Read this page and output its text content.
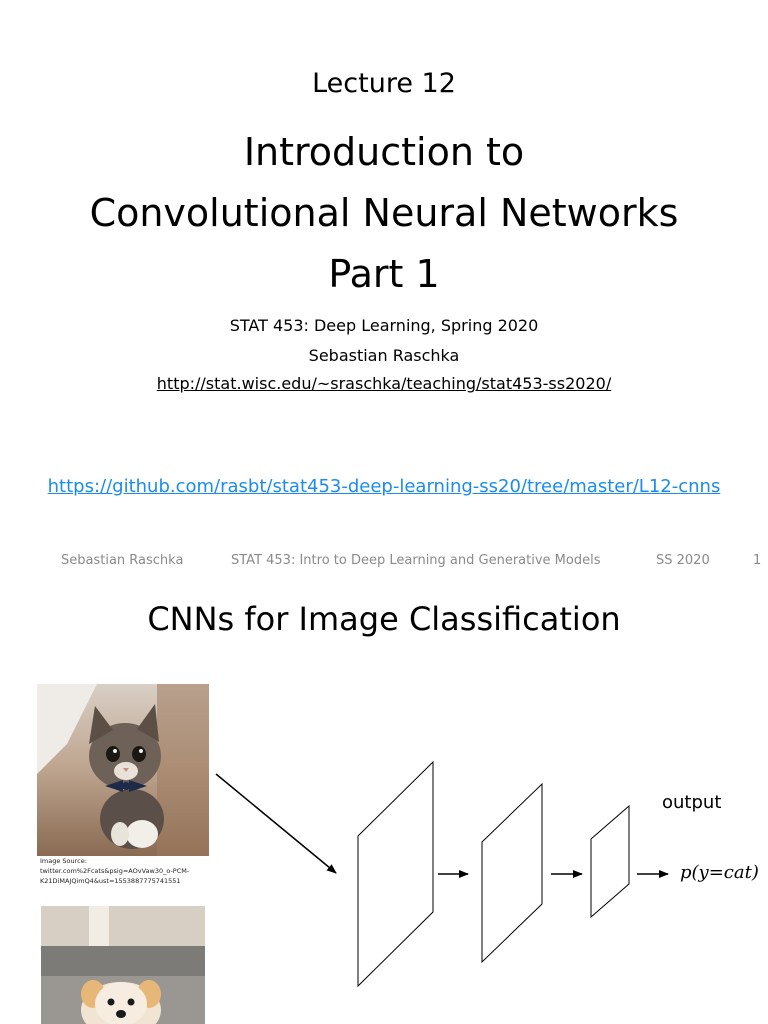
Lecture 12
Introduction to
Convolutional Neural Networks
Part 1
STAT 453: Deep Learning, Spring 2020
Sebastian Raschka
http://stat.wisc.edu/~sraschka/teaching/stat453-ss2020/
https://github.com/rasbt/stat453-deep-learning-ss20/tree/master/L12-cnns
Sebastian Raschka	STAT 453: Intro to Deep Learning and Generative Models	SS 2020	1
CNNs for Image Classification
Image Source:
twitter.com%2Fcats&psig=AOvVaw30_o-PCM-
K21DiMAJQimQ4&ust=1553887775741551
output
p(y=cat)
